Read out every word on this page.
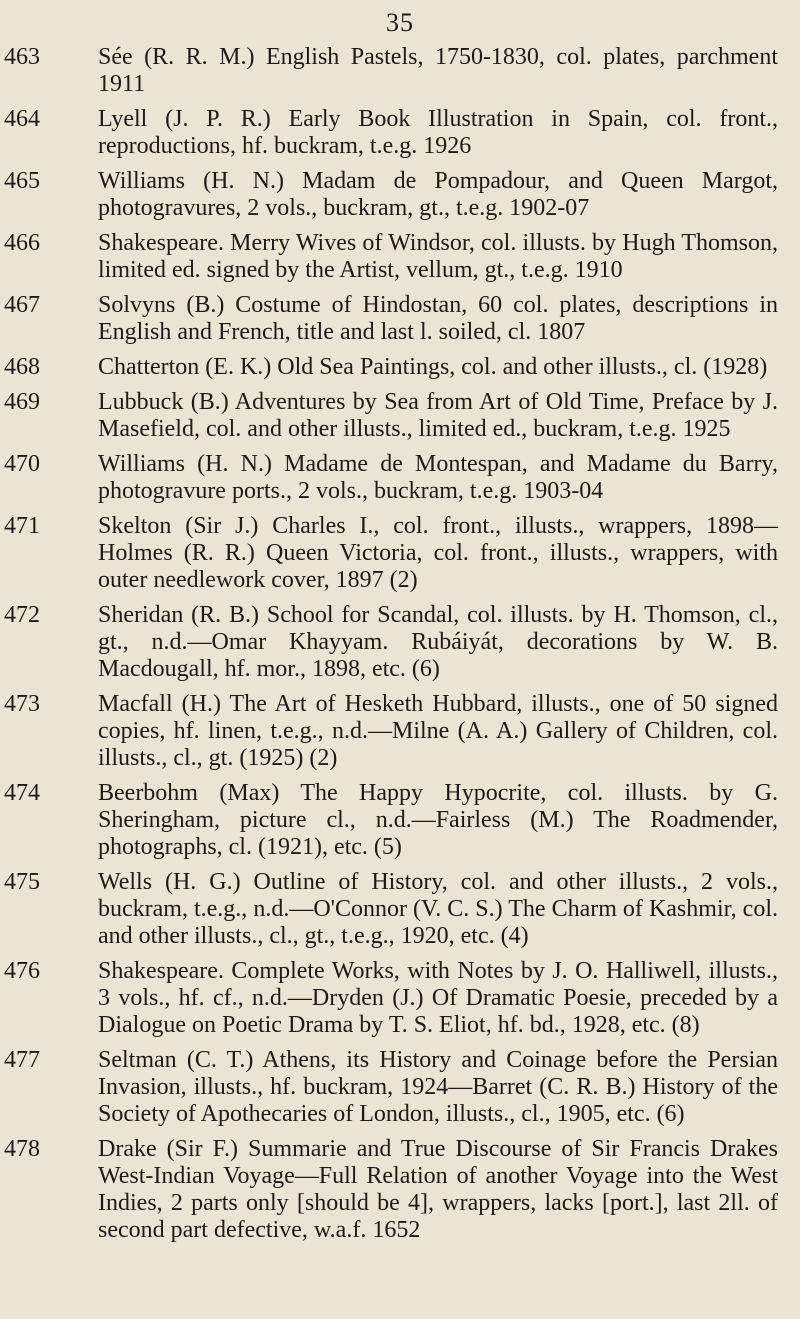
35
463	Sée (R. R. M.) English Pastels, 1750-1830, col. plates, parchment 1911
464	Lyell (J. P. R.) Early Book Illustration in Spain, col. front., reproductions, hf. buckram, t.e.g. 1926
465	Williams (H. N.) Madam de Pompadour, and Queen Margot, photogravures, 2 vols., buckram, gt., t.e.g. 1902-07
466	Shakespeare. Merry Wives of Windsor, col. illusts. by Hugh Thomson, limited ed. signed by the Artist, vellum, gt., t.e.g. 1910
467	Solvyns (B.) Costume of Hindostan, 60 col. plates, descriptions in English and French, title and last l. soiled, cl. 1807
468	Chatterton (E. K.) Old Sea Paintings, col. and other illusts., cl. (1928)
469	Lubbuck (B.) Adventures by Sea from Art of Old Time, Preface by J. Masefield, col. and other illusts., limited ed., buckram, t.e.g. 1925
470	Williams (H. N.) Madame de Montespan, and Madame du Barry, photogravure ports., 2 vols., buckram, t.e.g. 1903-04
471	Skelton (Sir J.) Charles I., col. front., illusts., wrappers, 1898—Holmes (R. R.) Queen Victoria, col. front., illusts., wrappers, with outer needlework cover, 1897 (2)
472	Sheridan (R. B.) School for Scandal, col. illusts. by H. Thomson, cl., gt., n.d.—Omar Khayyam. Rubáiyát, decorations by W. B. Macdougall, hf. mor., 1898, etc. (6)
473	Macfall (H.) The Art of Hesketh Hubbard, illusts., one of 50 signed copies, hf. linen, t.e.g., n.d.—Milne (A. A.) Gallery of Children, col. illusts., cl., gt. (1925) (2)
474	Beerbohm (Max) The Happy Hypocrite, col. illusts. by G. Sheringham, picture cl., n.d.—Fairless (M.) The Roadmender, photographs, cl. (1921), etc. (5)
475	Wells (H. G.) Outline of History, col. and other illusts., 2 vols., buckram, t.e.g., n.d.—O'Connor (V. C. S.) The Charm of Kashmir, col. and other illusts., cl., gt., t.e.g., 1920, etc. (4)
476	Shakespeare. Complete Works, with Notes by J. O. Halliwell, illusts., 3 vols., hf. cf., n.d.—Dryden (J.) Of Dramatic Poesie, preceded by a Dialogue on Poetic Drama by T. S. Eliot, hf. bd., 1928, etc. (8)
477	Seltman (C. T.) Athens, its History and Coinage before the Persian Invasion, illusts., hf. buckram, 1924—Barret (C. R. B.) History of the Society of Apothecaries of London, illusts., cl., 1905, etc. (6)
478	Drake (Sir F.) Summarie and True Discourse of Sir Francis Drakes West-Indian Voyage—Full Relation of another Voyage into the West Indies, 2 parts only [should be 4], wrappers, lacks [port.], last 2ll. of second part defective, w.a.f. 1652
